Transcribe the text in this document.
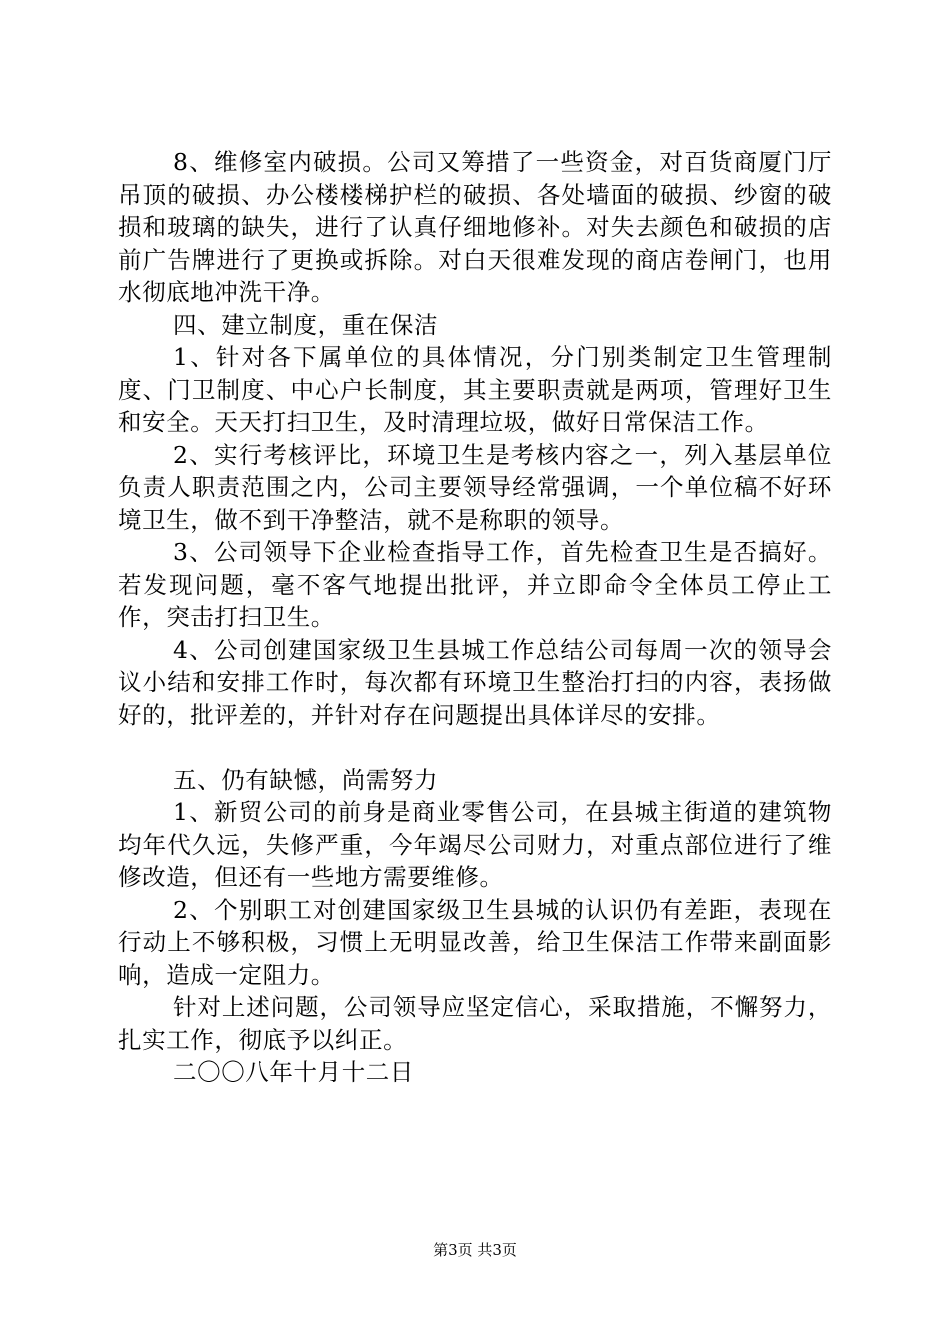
8、维修室内破损。公司又筹措了一些资金，对百货商厦门厅吊顶的破损、办公楼楼梯护栏的破损、各处墙面的破损、纱窗的破损和玻璃的缺失，进行了认真仔细地修补。对失去颜色和破损的店前广告牌进行了更换或拆除。对白天很难发现的商店卷闸门，也用水彻底地冲洗干净。

四、建立制度，重在保洁

1、针对各下属单位的具体情况，分门别类制定卫生管理制度、门卫制度、中心户长制度，其主要职责就是两项，管理好卫生和安全。天天打扫卫生，及时清理垃圾，做好日常保洁工作。

2、实行考核评比，环境卫生是考核内容之一，列入基层单位负责人职责范围之内，公司主要领导经常强调，一个单位稿不好环境卫生，做不到干净整洁，就不是称职的领导。

3、公司领导下企业检查指导工作，首先检查卫生是否搞好。若发现问题，毫不客气地提出批评，并立即命令全体员工停止工作，突击打扫卫生。

4、公司创建国家级卫生县城工作总结公司每周一次的领导会议小结和安排工作时，每次都有环境卫生整治打扫的内容，表扬做好的，批评差的，并针对存在问题提出具体详尽的安排。

五、仍有缺憾，尚需努力

1、新贸公司的前身是商业零售公司，在县城主街道的建筑物均年代久远，失修严重，今年竭尽公司财力，对重点部位进行了维修改造，但还有一些地方需要维修。

2、个别职工对创建国家级卫生县城的认识仍有差距，表现在行动上不够积极，习惯上无明显改善，给卫生保洁工作带来副面影响，造成一定阻力。

针对上述问题，公司领导应坚定信心，采取措施，不懈努力，扎实工作，彻底予以纠正。

二〇〇八年十月十二日

第3页 共3页
